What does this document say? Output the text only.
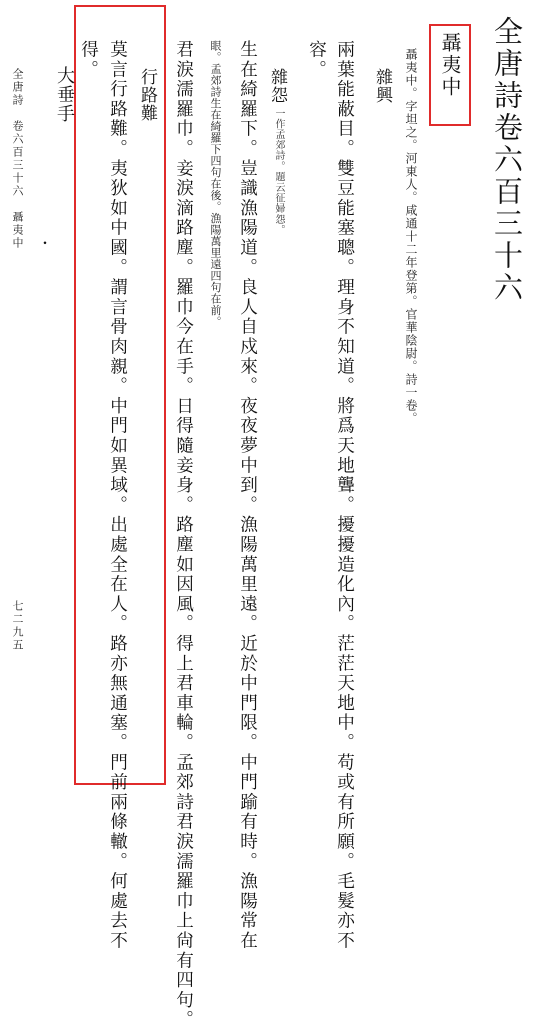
全唐詩卷六百三十六
聶夷中
聶夷中。字坦之。河東人。咸通十二年登第。官華陰尉。詩一卷。
雜興
兩葉能蔽目。雙豆能塞聰。理身不知道。將爲天地聾。擾擾造化內。茫茫天地中。苟或有所願。毛髮亦不
容。
雜怨
一作孟郊詩。題云征婦怨。
生在綺羅下。豈識漁陽道。良人自戍來。夜夜夢中到。漁陽萬里遠。近於中門限。中門踰有時。漁陽常在
眼。孟郊詩生在綺羅下四句在後。漁陽萬里遠四句在前。
君淚濡羅巾。妾淚滴路塵。羅巾今在手。日得隨妾身。路塵如因風。得上君車輪。孟郊詩君淚濡羅巾上尙有四句。
行路難
莫言行路難。夷狄如中國。謂言骨肉親。中門如異域。出處全在人。路亦無通塞。門前兩條轍。何處去不
得。
大垂手
・
全唐詩　卷六百三十六　聶夷中
七二九五
